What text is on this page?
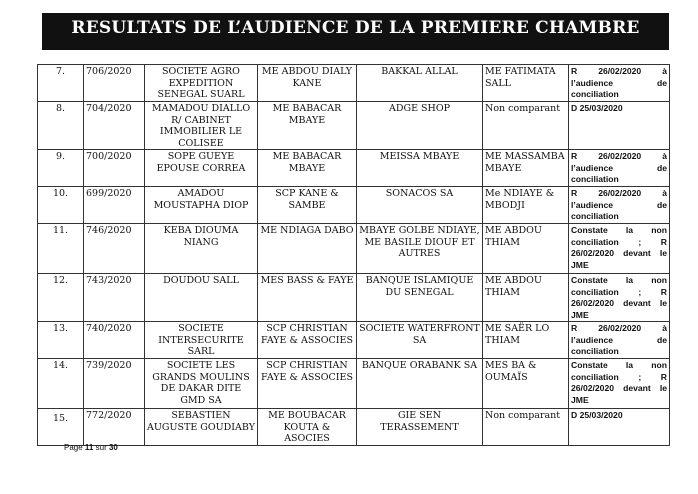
RESULTATS DE L’AUDIENCE DE LA PREMIERE CHAMBRE
7.	706/2020	SOCIETE AGRO EXPEDITION SENEGAL SUARL	ME ABDOU DIALY KANE	BAKKAL ALLAL	ME FATIMATA SALL	R 26/02/2020 à l’audience de conciliation
8.	704/2020	MAMADOU DIALLO R/ CABINET IMMOBILIER LE COLISEE	ME BABACAR MBAYE	ADGE SHOP	Non comparant	D 25/03/2020
9.	700/2020	SOPE GUEYE EPOUSE CORREA	ME BABACAR MBAYE	MEISSA MBAYE	ME MASSAMBA MBAYE	R 26/02/2020 à l’audience de conciliation
10.	699/2020	AMADOU MOUSTAPHA DIOP	SCP KANE & SAMBE	SONACOS SA	Me NDIAYE & MBODJI	R 26/02/2020 à l’audience de conciliation
11.	746/2020	KEBA DIOUMA NIANG	ME NDIAGA DABO	MBAYE GOLBE NDIAYE, ME BASILE DIOUF ET AUTRES	ME ABDOU THIAM	Constate la non conciliation ; R 26/02/2020 devant le JME
12.	743/2020	DOUDOU SALL	MES BASS & FAYE	BANQUE ISLAMIQUE DU SENEGAL	ME ABDOU THIAM	Constate la non conciliation ; R 26/02/2020 devant le JME
13.	740/2020	SOCIETE INTERSECURITE SARL	SCP CHRISTIAN FAYE & ASSOCIES	SOCIETE WATERFRONT SA	ME SAËR LO THIAM	R 26/02/2020 à l’audience de conciliation
14.	739/2020	SOCIETE LES GRANDS MOULINS DE DAKAR DITE GMD SA	SCP CHRISTIAN FAYE & ASSOCIES	BANQUE ORABANK SA	MES BA & OUMAÏS	Constate la non conciliation ; R 26/02/2020 devant le JME
15.	772/2020	SEBASTIEN AUGUSTE GOUDIABY	ME BOUBACAR KOUTA & ASOCIES	GIE SEN TERASSEMENT	Non comparant	D 25/03/2020
Page 11 sur 30
